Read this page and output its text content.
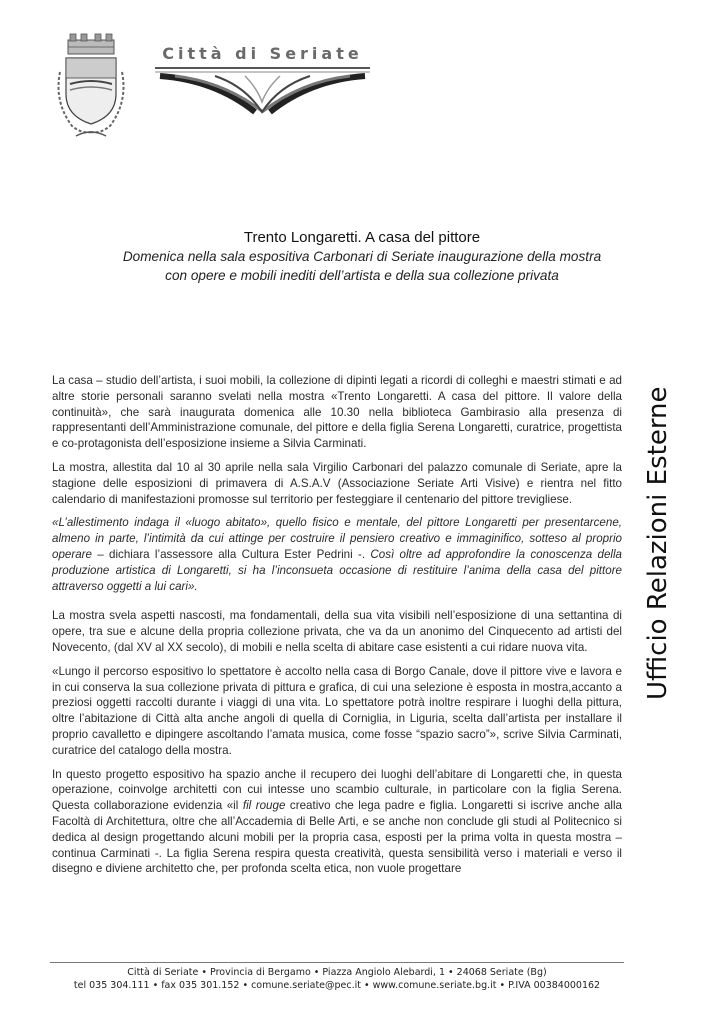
Città di Seriate
Trento Longaretti. A casa del pittore
Domenica nella sala espositiva Carbonari di Seriate inaugurazione della mostra
con opere e mobili inediti dell’artista e della sua collezione privata

La casa – studio dell’artista, i suoi mobili, la collezione di dipinti legati a ricordi di colleghi e maestri stimati e ad altre storie personali saranno svelati nella mostra «Trento Longaretti. A casa del pittore. Il valore della continuità», che sarà inaugurata domenica alle 10.30 nella biblioteca Gambirasio alla presenza di rappresentanti dell’Amministrazione comunale, del pittore e della figlia Serena Longaretti, curatrice, progettista e co-protagonista dell’esposizione insieme a Silvia Carminati.

La mostra, allestita dal 10 al 30 aprile nella sala Virgilio Carbonari del palazzo comunale di Seriate, apre la stagione delle esposizioni di primavera di A.S.A.V (Associazione Seriate Arti Visive) e rientra nel fitto calendario di manifestazioni promosse sul territorio per festeggiare il centenario del pittore trevigliese.

«L’allestimento indaga il «luogo abitato», quello fisico e mentale, del pittore Longaretti per presentarcene, almeno in parte, l’intimità da cui attinge per costruire il pensiero creativo e immaginifico, sotteso al proprio operare – dichiara l’assessore alla Cultura Ester Pedrini -. Così oltre ad approfondire la conoscenza della produzione artistica di Longaretti, si ha l’inconsueta occasione di restituire l’anima della casa del pittore attraverso oggetti a lui cari».

La mostra svela aspetti nascosti, ma fondamentali, della sua vita visibili nell’esposizione di una settantina di opere, tra sue e alcune della propria collezione privata, che va da un anonimo del Cinquecento ad artisti del Novecento, (dal XV al XX secolo), di mobili e nella scelta di abitare case esistenti a cui ridare nuova vita.

«Lungo il percorso espositivo lo spettatore è accolto nella casa di Borgo Canale, dove il pittore vive e lavora e in cui conserva la sua collezione privata di pittura e grafica, di cui una selezione è esposta in mostra,accanto a preziosi oggetti raccolti durante i viaggi di una vita. Lo spettatore potrà inoltre respirare i luoghi della pittura, oltre l’abitazione di Città alta anche angoli di quella di Corniglia, in Liguria, scelta dall’artista per installare il proprio cavalletto e dipingere ascoltando l’amata musica, come fosse “spazio sacro”», scrive Silvia Carminati, curatrice del catalogo della mostra.

In questo progetto espositivo ha spazio anche il recupero dei luoghi dell’abitare di Longaretti che, in questa operazione, coinvolge architetti con cui intesse uno scambio culturale, in particolare con la figlia Serena. Questa collaborazione evidenzia «il fil rouge creativo che lega padre e figlia. Longaretti si iscrive anche alla Facoltà di Architettura, oltre che all’Accademia di Belle Arti, e se anche non conclude gli studi al Politecnico si dedica al design progettando alcuni mobili per la propria casa, esposti per la prima volta in questa mostra – continua Carminati -. La figlia Serena respira questa creatività, questa sensibilità verso i materiali e verso il disegno e diviene architetto che, per profonda scelta etica, non vuole progettare

Ufficio Relazioni Esterne
Città di Seriate • Provincia di Bergamo • Piazza Angiolo Alebardi, 1 • 24068 Seriate (Bg)
tel 035 304.111 • fax 035 301.152 • comune.seriate@pec.it • www.comune.seriate.bg.it • P.IVA 00384000162
